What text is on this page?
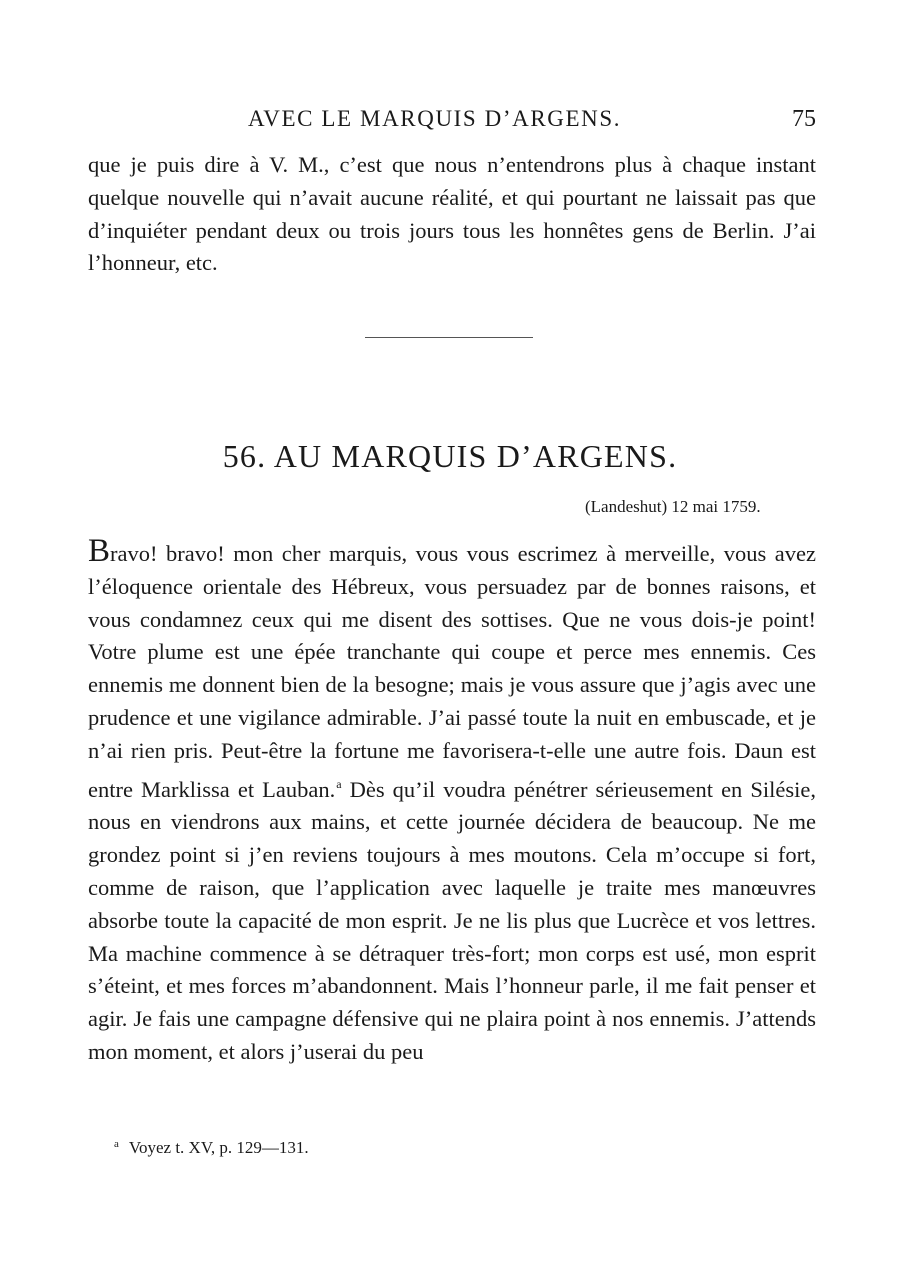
AVEC LE MARQUIS D’ARGENS.	75

que je puis dire à V. M., c’est que nous n’entendrons plus à chaque instant quelque nouvelle qui n’avait aucune réalité, et qui pourtant ne laissait pas que d’inquiéter pendant deux ou trois jours tous les honnêtes gens de Berlin. J’ai l’honneur, etc.

56. AU MARQUIS D’ARGENS.
(Landeshut) 12 mai 1759.

Bravo! bravo! mon cher marquis, vous vous escrimez à merveille, vous avez l’éloquence orientale des Hébreux, vous persuadez par de bonnes raisons, et vous condamnez ceux qui me disent des sottises. Que ne vous dois-je point! Votre plume est une épée tranchante qui coupe et perce mes ennemis. Ces ennemis me donnent bien de la besogne; mais je vous assure que j’agis avec une prudence et une vigilance admirable. J’ai passé toute la nuit en embuscade, et je n’ai rien pris. Peut-être la fortune me favorisera-t-elle une autre fois. Daun est entre Marklissa et Lauban.$^a$ Dès qu’il voudra pénétrer sérieusement en Silésie, nous en viendrons aux mains, et cette journée décidera de beaucoup. Ne me grondez point si j’en reviens toujours à mes moutons. Cela m’occupe si fort, comme de raison, que l’application avec laquelle je traite mes manœuvres absorbe toute la capacité de mon esprit. Je ne lis plus que Lucrèce et vos lettres. Ma machine commence à se détraquer très-fort; mon corps est usé, mon esprit s’éteint, et mes forces m’abandonnent. Mais l’honneur parle, il me fait penser et agir. Je fais une campagne défensive qui ne plaira point à nos ennemis. J’attends mon moment, et alors j’userai du peu

$^a$ Voyez t. XV, p. 129—131.
